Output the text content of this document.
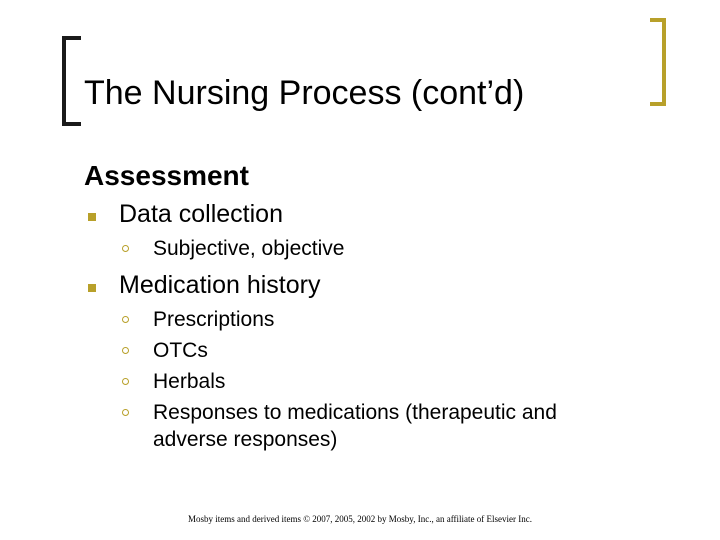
The Nursing Process (cont’d)
Assessment
Data collection
Subjective, objective
Medication history
Prescriptions
OTCs
Herbals
Responses to medications (therapeutic and
adverse responses)
Mosby items and derived items © 2007, 2005, 2002 by Mosby, Inc., an affiliate of Elsevier Inc.
